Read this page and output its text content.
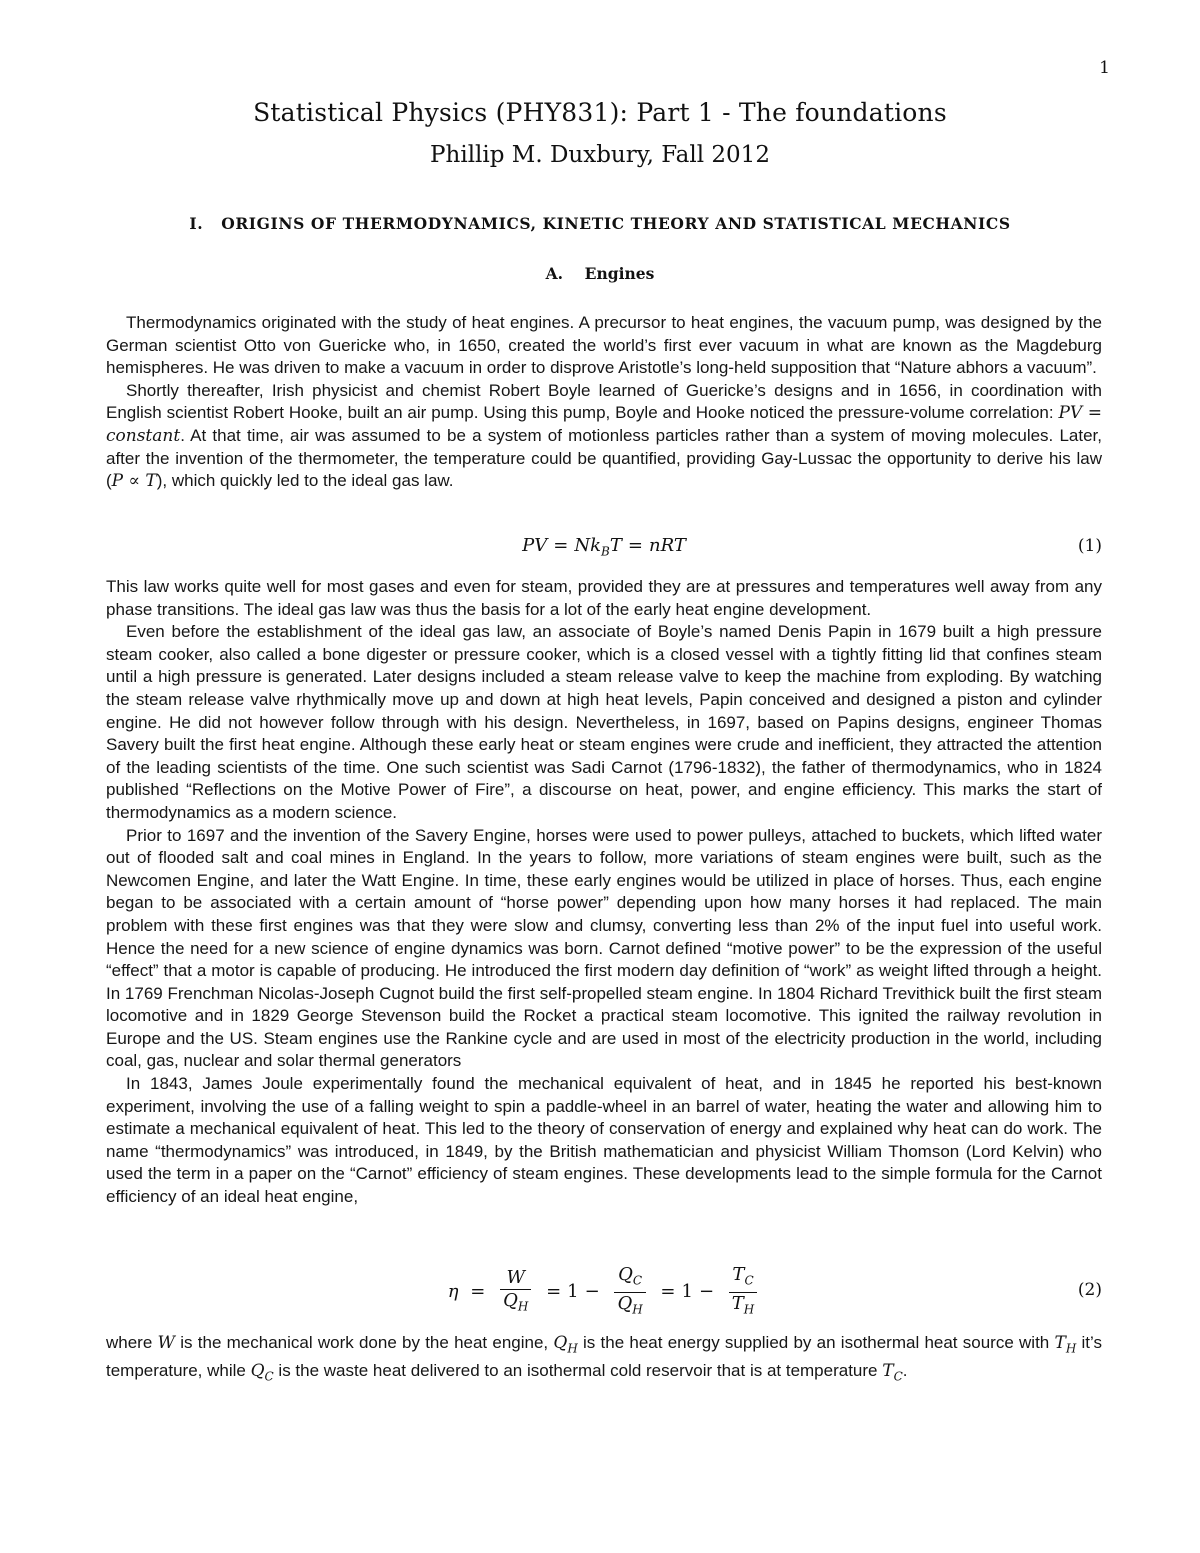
1
Statistical Physics (PHY831): Part 1 - The foundations
Phillip M. Duxbury, Fall 2012
I. ORIGINS OF THERMODYNAMICS, KINETIC THEORY AND STATISTICAL MECHANICS
A. Engines

Thermodynamics originated with the study of heat engines. A precursor to heat engines, the vacuum pump, was designed by the German scientist Otto von Guericke who, in 1650, created the world’s first ever vacuum in what are known as the Magdeburg hemispheres. He was driven to make a vacuum in order to disprove Aristotle’s long-held supposition that “Nature abhors a vacuum”.

Shortly thereafter, Irish physicist and chemist Robert Boyle learned of Guericke’s designs and in 1656, in coordination with English scientist Robert Hooke, built an air pump. Using this pump, Boyle and Hooke noticed the pressure-volume correlation: PV = constant. At that time, air was assumed to be a system of motionless particles rather than a system of moving molecules. Later, after the invention of the thermometer, the temperature could be quantified, providing Gay-Lussac the opportunity to derive his law (P ∝ T), which quickly led to the ideal gas law.

PV = $Nk_BT$ = nRT	(1)

This law works quite well for most gases and even for steam, provided they are at pressures and temperatures well away from any phase transitions. The ideal gas law was thus the basis for a lot of the early heat engine development.

Even before the establishment of the ideal gas law, an associate of Boyle’s named Denis Papin in 1679 built a high pressure steam cooker, also called a bone digester or pressure cooker, which is a closed vessel with a tightly fitting lid that confines steam until a high pressure is generated. Later designs included a steam release valve to keep the machine from exploding. By watching the steam release valve rhythmically move up and down at high heat levels, Papin conceived and designed a piston and cylinder engine. He did not however follow through with his design. Nevertheless, in 1697, based on Papins designs, engineer Thomas Savery built the first heat engine. Although these early heat or steam engines were crude and inefficient, they attracted the attention of the leading scientists of the time. One such scientist was Sadi Carnot (1796-1832), the father of thermodynamics, who in 1824 published “Reflections on the Motive Power of Fire”, a discourse on heat, power, and engine efficiency. This marks the start of thermodynamics as a modern science.

Prior to 1697 and the invention of the Savery Engine, horses were used to power pulleys, attached to buckets, which lifted water out of flooded salt and coal mines in England. In the years to follow, more variations of steam engines were built, such as the Newcomen Engine, and later the Watt Engine. In time, these early engines would be utilized in place of horses. Thus, each engine began to be associated with a certain amount of “horse power” depending upon how many horses it had replaced. The main problem with these first engines was that they were slow and clumsy, converting less than 2% of the input fuel into useful work. Hence the need for a new science of engine dynamics was born. Carnot defined “motive power” to be the expression of the useful “effect” that a motor is capable of producing. He introduced the first modern day definition of “work” as weight lifted through a height. In 1769 Frenchman Nicolas-Joseph Cugnot build the first self-propelled steam engine. In 1804 Richard Trevithick built the first steam locomotive and in 1829 George Stevenson build the Rocket a practical steam locomotive. This ignited the railway revolution in Europe and the US. Steam engines use the Rankine cycle and are used in most of the electricity production in the world, including coal, gas, nuclear and solar thermal generators

In 1843, James Joule experimentally found the mechanical equivalent of heat, and in 1845 he reported his best-known experiment, involving the use of a falling weight to spin a paddle-wheel in an barrel of water, heating the water and allowing him to estimate a mechanical equivalent of heat. This led to the theory of conservation of energy and explained why heat can do work. The name “thermodynamics” was introduced, in 1849, by the British mathematician and physicist William Thomson (Lord Kelvin) who used the term in a paper on the “Carnot” efficiency of steam engines. These developments lead to the simple formula for the Carnot efficiency of an ideal heat engine,

$\eta = \frac{W}{Q_H} = 1 - \frac{Q_C}{Q_H} = 1 - \frac{T_C}{T_H}$	(2)

where W is the mechanical work done by the heat engine, $Q_H$ is the heat energy supplied by an isothermal heat source with $T_H$ it’s temperature, while $Q_C$ is the waste heat delivered to an isothermal cold reservoir that is at temperature $T_C$.
